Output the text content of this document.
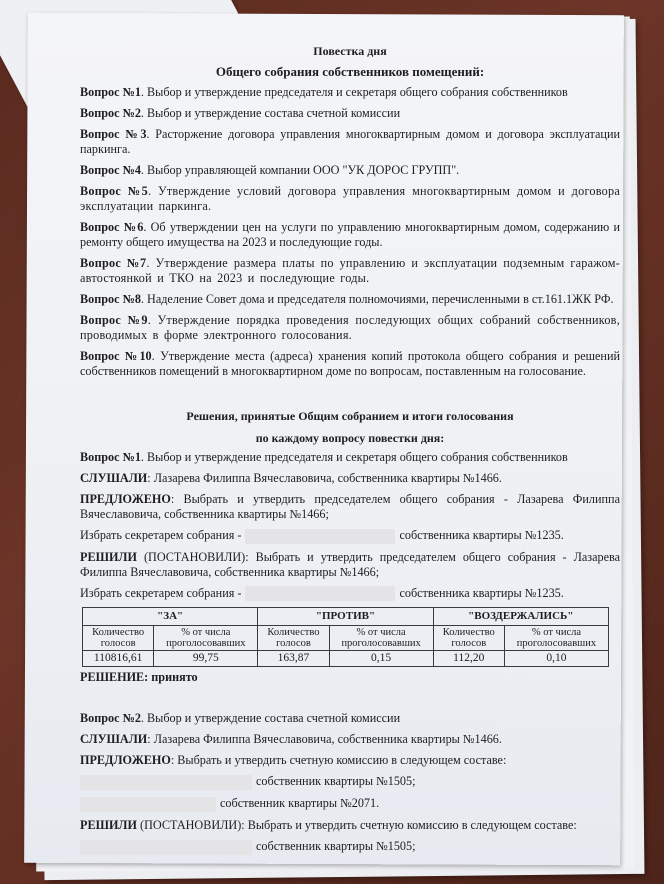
Повестка дня
Общего собрания собственников помещений:
Вопрос №1. Выбор и утверждение председателя и секретаря общего собрания собственников
Вопрос №2. Выбор и утверждение состава счетной комиссии
Вопрос №3. Расторжение договора управления многоквартирным домом и договора эксплуатации паркинга.
Вопрос №4. Выбор управляющей компании ООО "УК ДОРОС ГРУПП".
Вопрос №5. Утверждение условий договора управления многоквартирным домом и договора эксплуатации паркинга.
Вопрос №6. Об утверждении цен на услуги по управлению многоквартирным домом, содержанию и ремонту общего имущества на 2023 и последующие годы.
Вопрос №7. Утверждение размера платы по управлению и эксплуатации подземным гаражом-автостоянкой и ТКО на 2023 и последующие годы.
Вопрос №8. Наделение Совет дома и председателя полномочиями, перечисленными в ст.161.1ЖК РФ.
Вопрос №9. Утверждение порядка проведения последующих общих собраний собственников, проводимых в форме электронного голосования.
Вопрос №10. Утверждение места (адреса) хранения копий протокола общего собрания и решений собственников помещений в многоквартирном доме по вопросам, поставленным на голосование.
Решения, принятые Общим собранием и итоги голосования
по каждому вопросу повестки дня:
Вопрос №1. Выбор и утверждение председателя и секретаря общего собрания собственников
СЛУШАЛИ: Лазарева Филиппа Вячеславовича, собственника квартиры №1466.
ПРЕДЛОЖЕНО: Выбрать и утвердить председателем общего собрания - Лазарева Филиппа Вячеславовича, собственника квартиры №1466;
Избрать секретарем собрания -	собственника квартиры №1235.
РЕШИЛИ (ПОСТАНОВИЛИ): Выбрать и утвердить председателем общего собрания - Лазарева Филиппа Вячеславовича, собственника квартиры №1466;
Избрать секретарем собрания -	собственника квартиры №1235.
"ЗА"		"ПРОТИВ"		"ВОЗДЕРЖАЛИСЬ"	
Количество голосов	% от числа проголосовавших	Количество голосов	% от числа проголосовавших	Количество голосов	% от числа проголосовавших
110816,61	99,75	163,87	0,15	112,20	0,10
РЕШЕНИЕ: принято
Вопрос №2. Выбор и утверждение состава счетной комиссии
СЛУШАЛИ: Лазарева Филиппа Вячеславовича, собственника квартиры №1466.
ПРЕДЛОЖЕНО: Выбрать и утвердить счетную комиссию в следующем составе:
собственник квартиры №1505;
собственник квартиры №2071.
РЕШИЛИ (ПОСТАНОВИЛИ): Выбрать и утвердить счетную комиссию в следующем составе:
собственник квартиры №1505;
